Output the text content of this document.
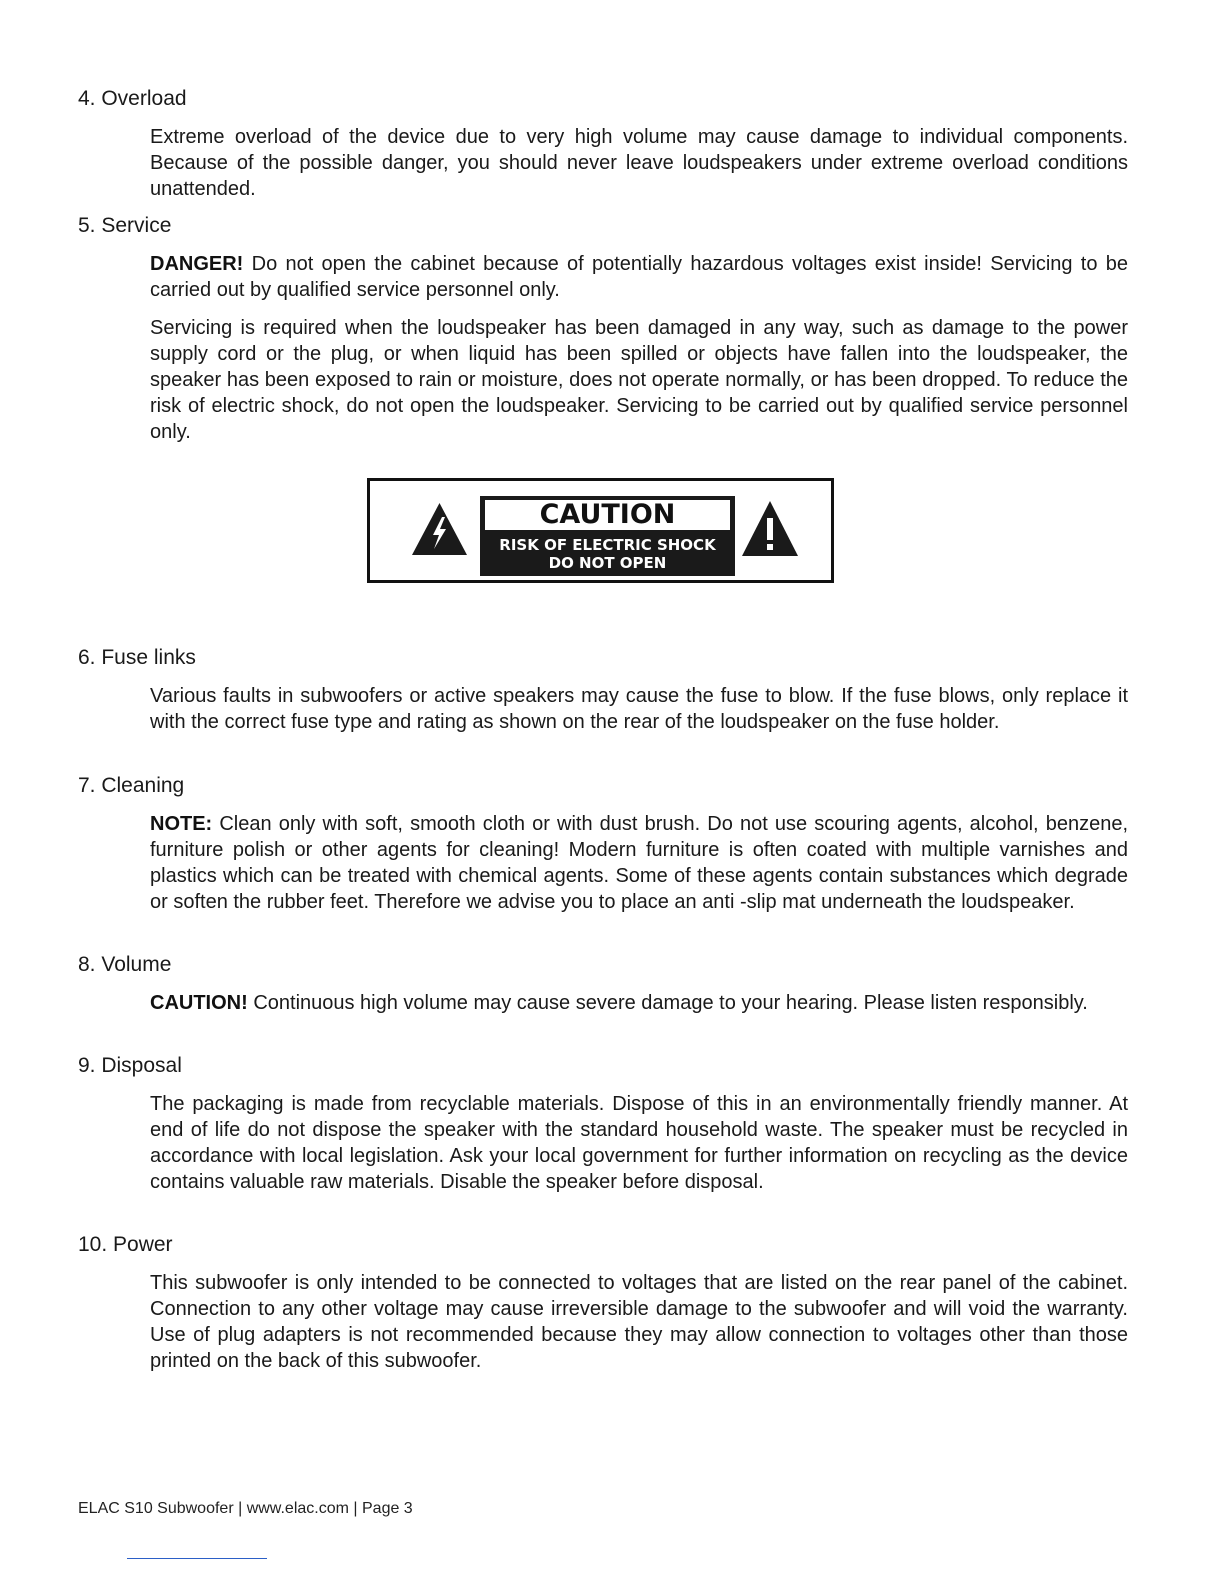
4. Overload

Extreme overload of the device due to very high volume may cause damage to individual components. Because of the possible danger, you should never leave loudspeakers under extreme overload conditions unattended.

5. Service

DANGER! Do not open the cabinet because of potentially hazardous voltages exist inside! Servicing to be carried out by qualified service personnel only.

Servicing is required when the loudspeaker has been damaged in any way, such as damage to the power supply cord or the plug, or when liquid has been spilled or objects have fallen into the loudspeaker, the speaker has been exposed to rain or moisture, does not operate normally, or has been dropped. To reduce the risk of electric shock, do not open the loudspeaker. Servicing to be carried out by qualified service personnel only.

CAUTION
RISK OF ELECTRIC SHOCK
DO NOT OPEN
6. Fuse links

Various faults in subwoofers or active speakers may cause the fuse to blow. If the fuse blows, only replace it with the correct fuse type and rating as shown on the rear of the loudspeaker on the fuse holder.

7. Cleaning

NOTE: Clean only with soft, smooth cloth or with dust brush. Do not use scouring agents, alcohol, benzene, furniture polish or other agents for cleaning! Modern furniture is often coated with multiple varnishes and plastics which can be treated with chemical agents. Some of these agents contain substances which degrade or soften the rubber feet. Therefore we advise you to place an anti -slip mat underneath the loudspeaker.

8. Volume

CAUTION! Continuous high volume may cause severe damage to your hearing. Please listen responsibly.

9. Disposal

The packaging is made from recyclable materials. Dispose of this in an environmentally friendly manner. At end of life do not dispose the speaker with the standard household waste. The speaker must be recycled in accordance with local legislation. Ask your local government for further information on recycling as the device contains valuable raw materials. Disable the speaker before disposal.

10. Power

This subwoofer is only intended to be connected to voltages that are listed on the rear panel of the cabinet. Connection to any other voltage may cause irreversible damage to the subwoofer and will void the warranty. Use of plug adapters is not recommended because they may allow connection to voltages other than those printed on the back of this subwoofer.

ELAC S10 Subwoofer | www.elac.com | Page 3
